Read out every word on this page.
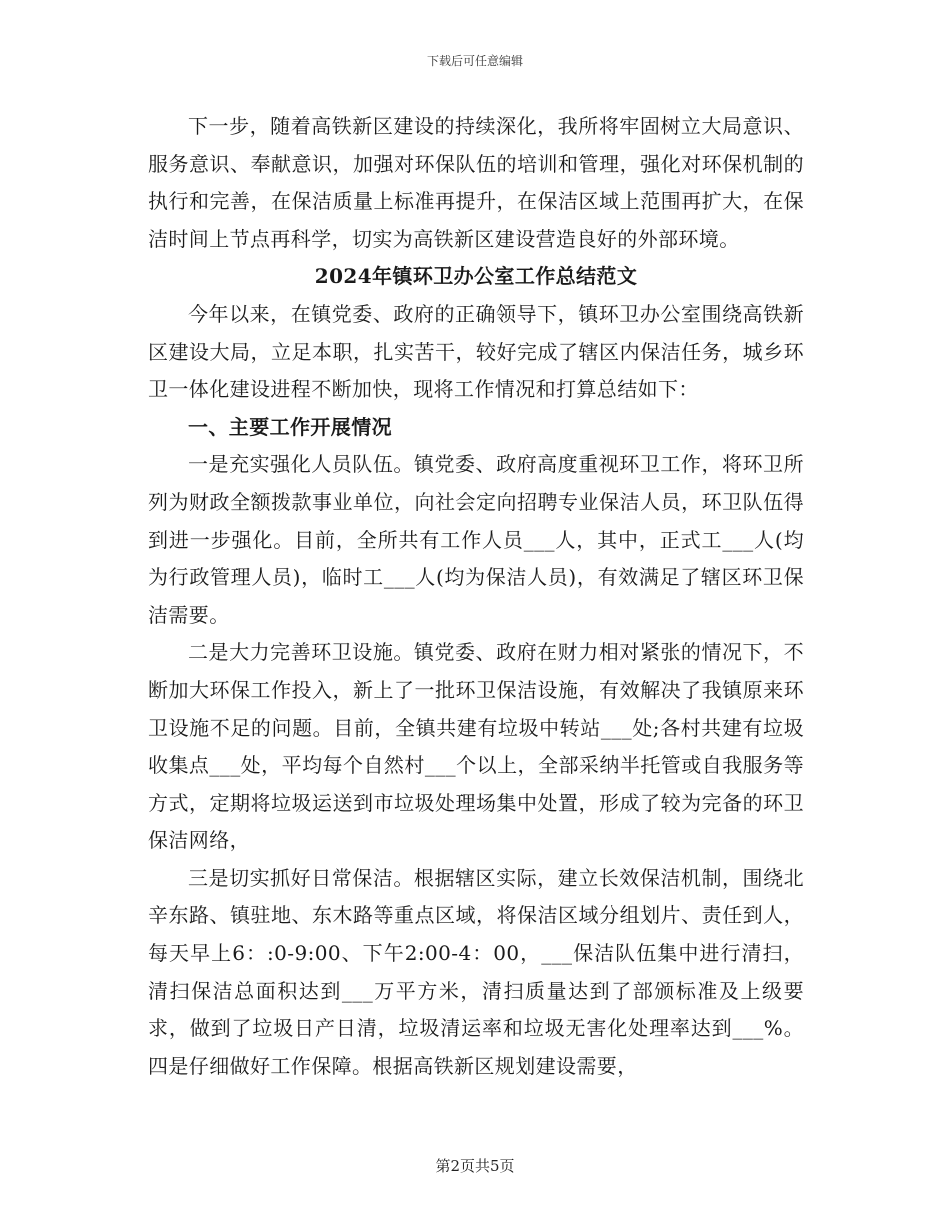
下载后可任意编辑

下一步，随着高铁新区建设的持续深化，我所将牢固树立大局意识、服务意识、奉献意识，加强对环保队伍的培训和管理，强化对环保机制的执行和完善，在保洁质量上标准再提升，在保洁区域上范围再扩大，在保洁时间上节点再科学，切实为高铁新区建设营造良好的外部环境。

2024年镇环卫办公室工作总结范文

今年以来，在镇党委、政府的正确领导下，镇环卫办公室围绕高铁新区建设大局，立足本职，扎实苦干，较好完成了辖区内保洁任务，城乡环卫一体化建设进程不断加快，现将工作情况和打算总结如下：

一、主要工作开展情况

一是充实强化人员队伍。镇党委、政府高度重视环卫工作，将环卫所列为财政全额拨款事业单位，向社会定向招聘专业保洁人员，环卫队伍得到进一步强化。目前，全所共有工作人员___人，其中，正式工___人(均为行政管理人员)，临时工___人(均为保洁人员)，有效满足了辖区环卫保洁需要。

二是大力完善环卫设施。镇党委、政府在财力相对紧张的情况下，不断加大环保工作投入，新上了一批环卫保洁设施，有效解决了我镇原来环卫设施不足的问题。目前，全镇共建有垃圾中转站___处;各村共建有垃圾收集点___处，平均每个自然村___个以上，全部采纳半托管或自我服务等方式，定期将垃圾运送到市垃圾处理场集中处置，形成了较为完备的环卫保洁网络，

三是切实抓好日常保洁。根据辖区实际，建立长效保洁机制，围绕北辛东路、镇驻地、东木路等重点区域，将保洁区域分组划片、责任到人，每天早上6：:0-9:00、下午2:00-4：00，___保洁队伍集中进行清扫，清扫保洁总面积达到___万平方米，清扫质量达到了部颁标准及上级要求，做到了垃圾日产日清，垃圾清运率和垃圾无害化处理率达到___%。四是仔细做好工作保障。根据高铁新区规划建设需要，

第2页共5页
